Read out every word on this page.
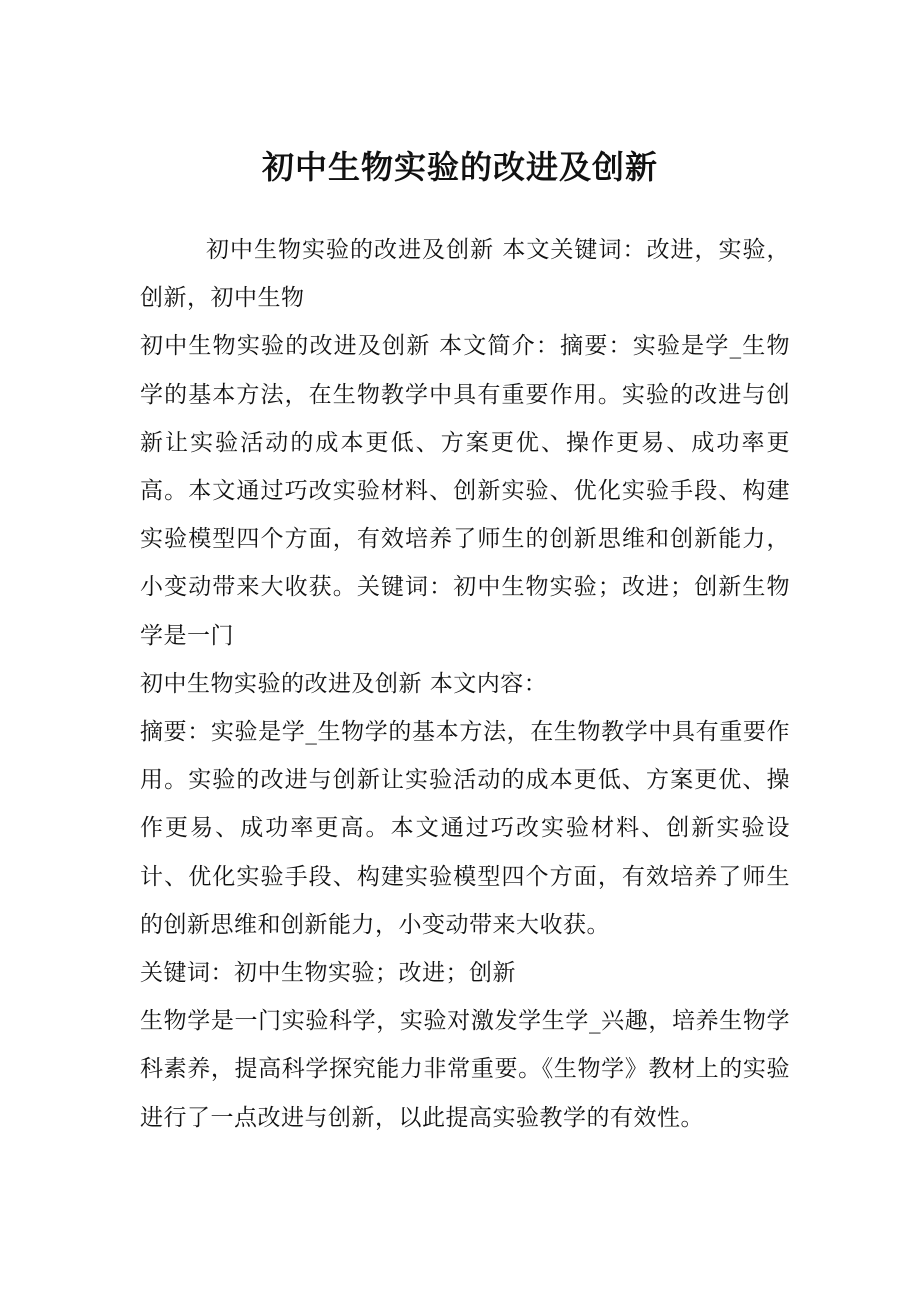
初中生物实验的改进及创新

初中生物实验的改进及创新 本文关键词：改进，实验，创新，初中生物

初中生物实验的改进及创新 本文简介：摘要：实验是学_生物学的基本方法，在生物教学中具有重要作用。实验的改进与创新让实验活动的成本更低、方案更优、操作更易、成功率更高。本文通过巧改实验材料、创新实验、优化实验手段、构建实验模型四个方面，有效培养了师生的创新思维和创新能力，小变动带来大收获。关键词：初中生物实验；改进；创新生物学是一门

初中生物实验的改进及创新 本文内容：

摘要：实验是学_生物学的基本方法，在生物教学中具有重要作用。实验的改进与创新让实验活动的成本更低、方案更优、操作更易、成功率更高。本文通过巧改实验材料、创新实验设计、优化实验手段、构建实验模型四个方面，有效培养了师生的创新思维和创新能力，小变动带来大收获。

关键词：初中生物实验；改进；创新

生物学是一门实验科学，实验对激发学生学_兴趣，培养生物学科素养，提高科学探究能力非常重要。《生物学》教材上的实验进行了一点改进与创新，以此提高实验教学的有效性。
